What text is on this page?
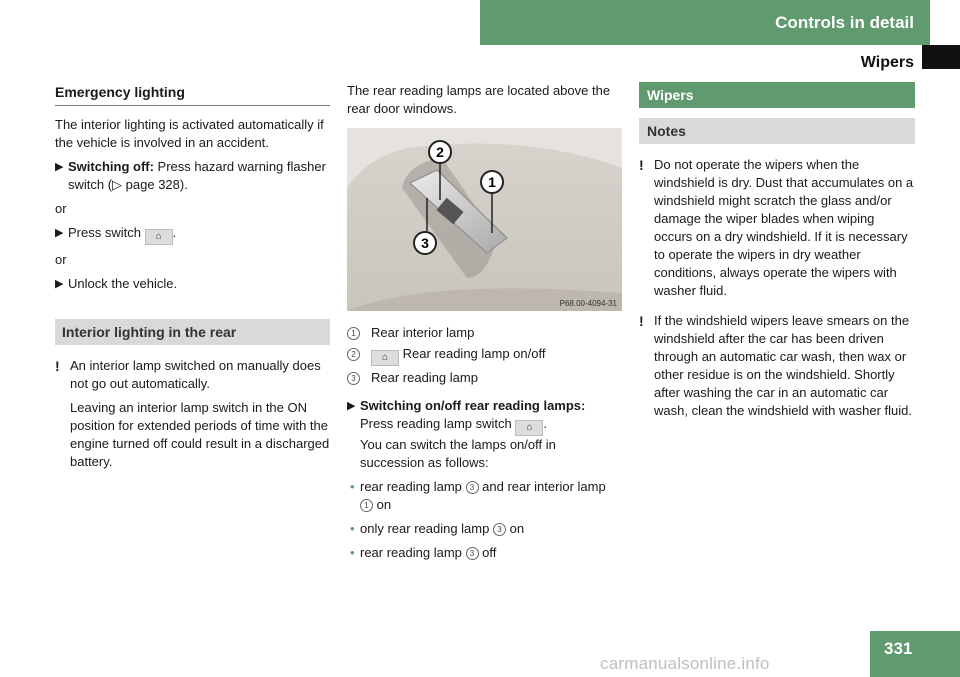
Controls in detail
Wipers
Emergency lighting

The interior lighting is activated automatically if the vehicle is involved in an accident.

▶ Switching off: Press hazard warning flasher switch (▷ page 328).

or

▶ Press switch ⌂ .

or

▶ Unlock the vehicle.
Interior lighting in the rear
! An interior lamp switched on manually does not go out automatically.

Leaving an interior lamp switch in the ON position for extended periods of time with the engine turned off could result in a discharged battery.

The rear reading lamps are located above the rear door windows.

2
1
3
P68.00-4094-31
1	Rear interior lamp
2	⌂ Rear reading lamp on/off
3	Rear reading lamp
▶ Switching on/off rear reading lamps:
Press reading lamp switch ⌂ .
You can switch the lamps on/off in succession as follows:
• rear reading lamp 3 and rear interior lamp 1 on
• only rear reading lamp 3 on
• rear reading lamp 3 off
Wipers
Notes
! Do not operate the wipers when the windshield is dry. Dust that accumulates on a windshield might scratch the glass and/or damage the wiper blades when wiping occurs on a dry windshield. If it is necessary to operate the wipers in dry weather conditions, always operate the wipers with washer fluid.
! If the windshield wipers leave smears on the windshield after the car has been driven through an automatic car wash, then wax or other residue is on the windshield. Shortly after washing the car in an automatic car wash, clean the windshield with washer fluid.
carmanualsonline.info
331
